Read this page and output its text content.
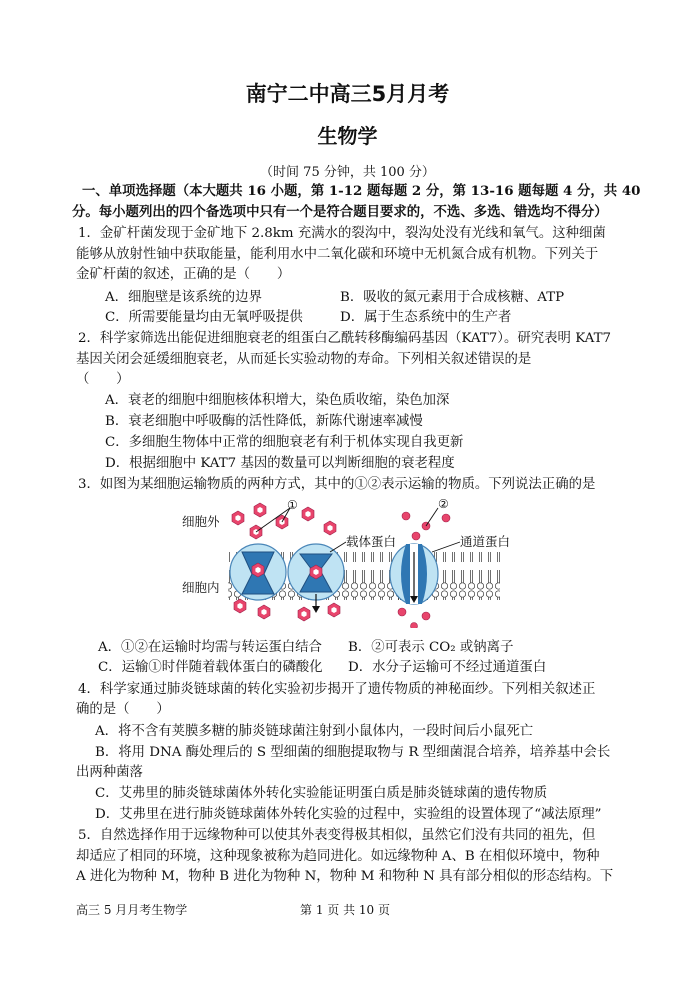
南宁二中高三5月月考
生物学
（时间 75 分钟，共 100 分）
一、单项选择题（本大题共 16 小题，第 1-12 题每题 2 分，第 13-16 题每题 4 分，共 40
分。每小题列出的四个备选项中只有一个是符合题目要求的，不选、多选、错选均不得分）
1．金矿杆菌发现于金矿地下 2.8km 充满水的裂沟中，裂沟处没有光线和氧气。这种细菌
能够从放射性铀中获取能量，能利用水中二氧化碳和环境中无机氮合成有机物。下列关于
金矿杆菌的叙述，正确的是（　　）
A．细胞壁是该系统的边界	B．吸收的氮元素用于合成核糖、ATP
C．所需要能量均由无氧呼吸提供	D．属于生态系统中的生产者
2．科学家筛选出能促进细胞衰老的组蛋白乙酰转移酶编码基因（KAT7）。研究表明 KAT7
基因关闭会延缓细胞衰老，从而延长实验动物的寿命。下列相关叙述错误的是
（　　）
A．衰老的细胞中细胞核体积增大，染色质收缩，染色加深
B．衰老细胞中呼吸酶的活性降低，新陈代谢速率减慢
C．多细胞生物体中正常的细胞衰老有利于机体实现自我更新
D．根据细胞中 KAT7 基因的数量可以判断细胞的衰老程度
3．如图为某细胞运输物质的两种方式，其中的①②表示运输的物质。下列说法正确的是
细胞外
细胞内
①	②
载体蛋白	通道蛋白
A．①②在运输时均需与转运蛋白结合 B．②可表示 CO₂ 或钠离子
C．运输①时伴随着载体蛋白的磷酸化 D．水分子运输可不经过通道蛋白
4．科学家通过肺炎链球菌的转化实验初步揭开了遗传物质的神秘面纱。下列相关叙述正
确的是（　　）
A．将不含有荚膜多糖的肺炎链球菌注射到小鼠体内，一段时间后小鼠死亡
B．将用 DNA 酶处理后的 S 型细菌的细胞提取物与 R 型细菌混合培养，培养基中会长
出两种菌落
C．艾弗里的肺炎链球菌体外转化实验能证明蛋白质是肺炎链球菌的遗传物质
D．艾弗里在进行肺炎链球菌体外转化实验的过程中，实验组的设置体现了“减法原理”
5．自然选择作用于远缘物种可以使其外表变得极其相似，虽然它们没有共同的祖先，但
却适应了相同的环境，这种现象被称为趋同进化。如远缘物种 A、B 在相似环境中，物种
A 进化为物种 M，物种 B 进化为物种 N，物种 M 和物种 N 具有部分相似的形态结构。下
高三 5 月月考生物学	第 1 页 共 10 页
